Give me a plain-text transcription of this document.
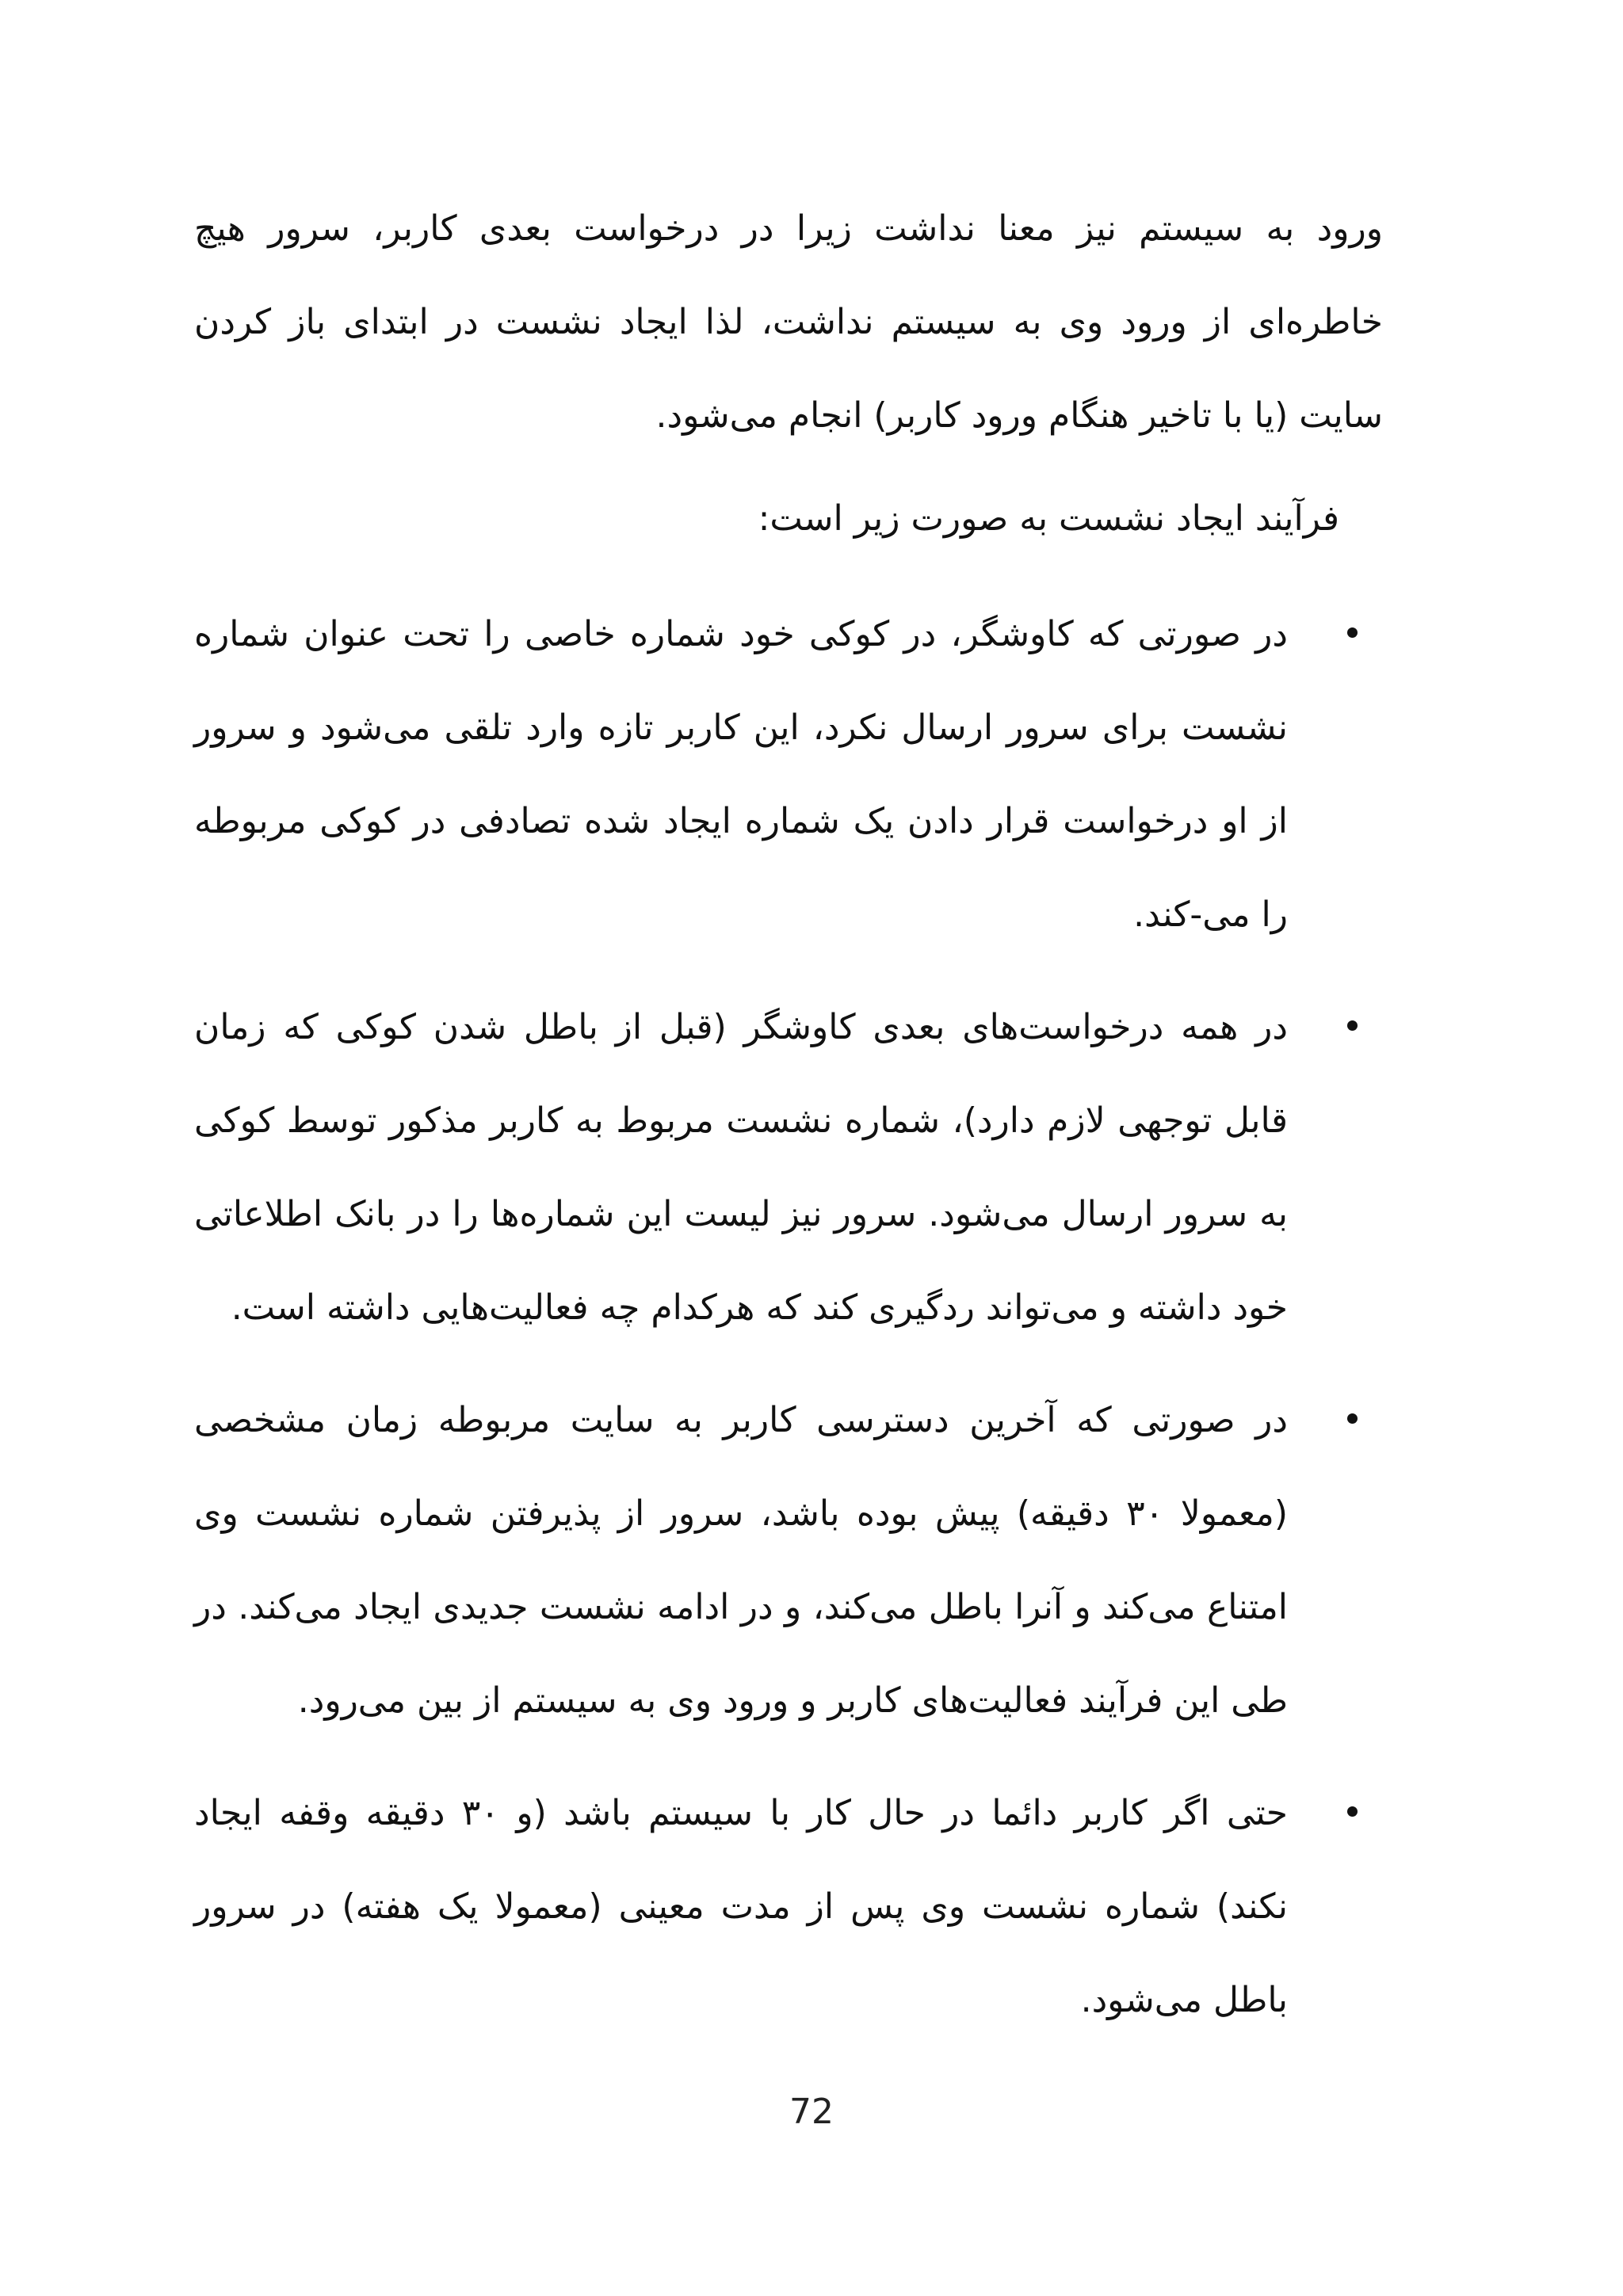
ورود به سیستم نیز معنا نداشت زیرا در درخواست بعدی کاربر، سرور هیچ خاطره‌ای از ورود وی به سیستم نداشت، لذا ایجاد نشست در ابتدای باز کردن سایت (یا با تاخیر هنگام ورود کاربر) انجام می‌شود.

فرآیند ایجاد نشست به صورت زیر است:

در صورتی که کاوشگر، در کوکی خود شماره خاصی را تحت عنوان شماره نشست برای سرور ارسال نکرد، این کاربر تازه وارد تلقی می‌شود و سرور از او درخواست قرار دادن یک شماره ایجاد شده تصادفی در کوکی مربوطه را می-کند.

در همه درخواست‌های بعدی کاوشگر (قبل از باطل شدن کوکی که زمان قابل توجهی لازم دارد)، شماره نشست مربوط به کاربر مذکور توسط کوکی به سرور ارسال می‌شود. سرور نیز لیست این شماره‌ها را در بانک اطلاعاتی خود داشته و می‌تواند ردگیری کند که هرکدام چه فعالیت‌هایی داشته است.

در صورتی که آخرین دسترسی کاربر به سایت مربوطه زمان مشخصی (معمولا ۳۰ دقیقه) پیش بوده باشد، سرور از پذیرفتن شماره نشست وی امتناع می‌کند و آنرا باطل می‌کند، و در ادامه نشست جدیدی ایجاد می‌کند. در طی این فرآیند فعالیت‌های کاربر و ورود وی به سیستم از بین می‌رود.

حتی اگر کاربر دائما در حال کار با سیستم باشد (و ۳۰ دقیقه وقفه ایجاد نکند) شماره نشست وی پس از مدت معینی (معمولا یک هفته) در سرور باطل می‌شود.

72
